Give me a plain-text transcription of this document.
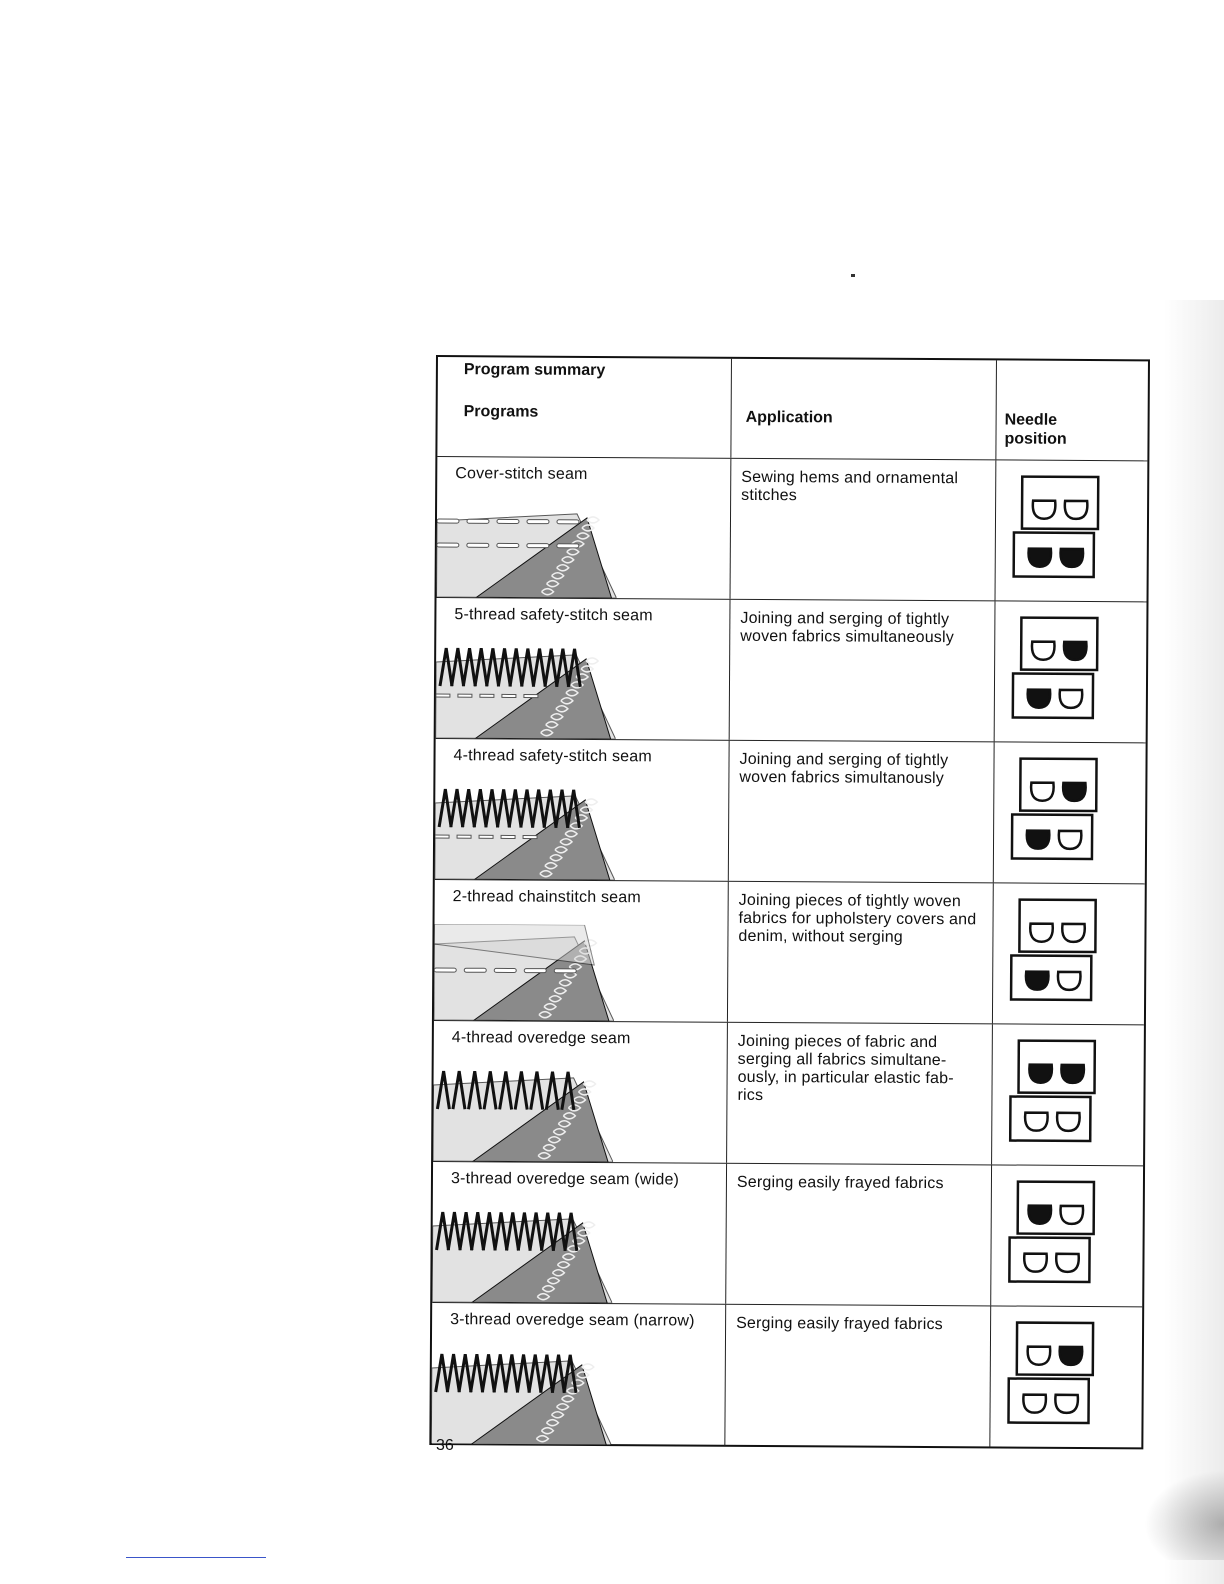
Program summary
Programs	Application	Needle position
Cover-stitch seam	Sewing hems and ornamental stitches
5-thread safety-stitch seam	Joining and serging of tightly woven fabrics simultaneously
4-thread safety-stitch seam	Joining and serging of tightly woven fabrics simultanously
2-thread chainstitch seam	Joining pieces of tightly woven fabrics for upholstery covers and denim, without serging
4-thread overedge seam	Joining pieces of fabric and serging all fabrics simultane-ously, in particular elastic fab-rics
3-thread overedge seam (wide)	Serging easily frayed fabrics
3-thread overedge seam (narrow)	Serging easily frayed fabrics
36
